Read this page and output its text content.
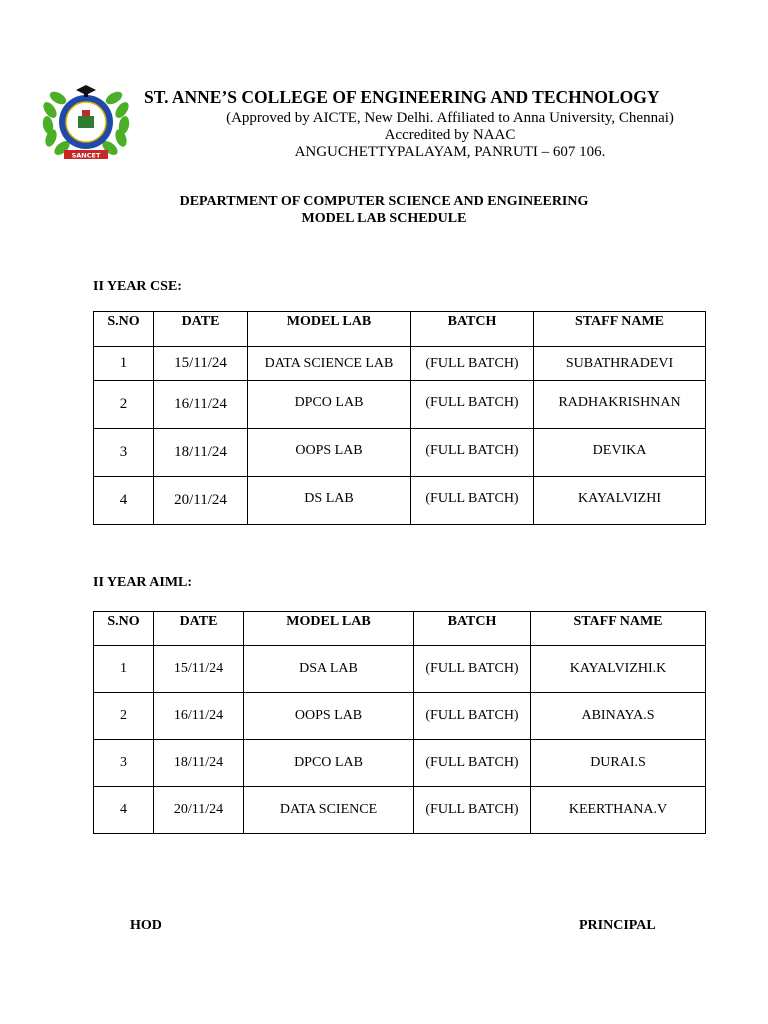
SANCET
ST. ANNE’S COLLEGE OF ENGINEERING AND TECHNOLOGY
(Approved by AICTE, New Delhi. Affiliated to Anna University, Chennai)
Accredited by NAAC
ANGUCHETTYPALAYAM, PANRUTI – 607 106.
DEPARTMENT OF COMPUTER SCIENCE AND ENGINEERING
MODEL LAB SCHEDULE
II YEAR CSE:
S.NO	DATE	MODEL LAB	BATCH	STAFF NAME
1	15/11/24	DATA SCIENCE LAB	(FULL BATCH)	SUBATHRADEVI
2	16/11/24	DPCO LAB	(FULL BATCH)	RADHAKRISHNAN
3	18/11/24	OOPS LAB	(FULL BATCH)	DEVIKA
4	20/11/24	DS LAB	(FULL BATCH)	KAYALVIZHI
II YEAR AIML:
S.NO	DATE	MODEL LAB	BATCH	STAFF NAME
1	15/11/24	DSA LAB	(FULL BATCH)	KAYALVIZHI.K
2	16/11/24	OOPS LAB	(FULL BATCH)	ABINAYA.S
3	18/11/24	DPCO LAB	(FULL BATCH)	DURAI.S
4	20/11/24	DATA SCIENCE	(FULL BATCH)	KEERTHANA.V
HOD	PRINCIPAL
